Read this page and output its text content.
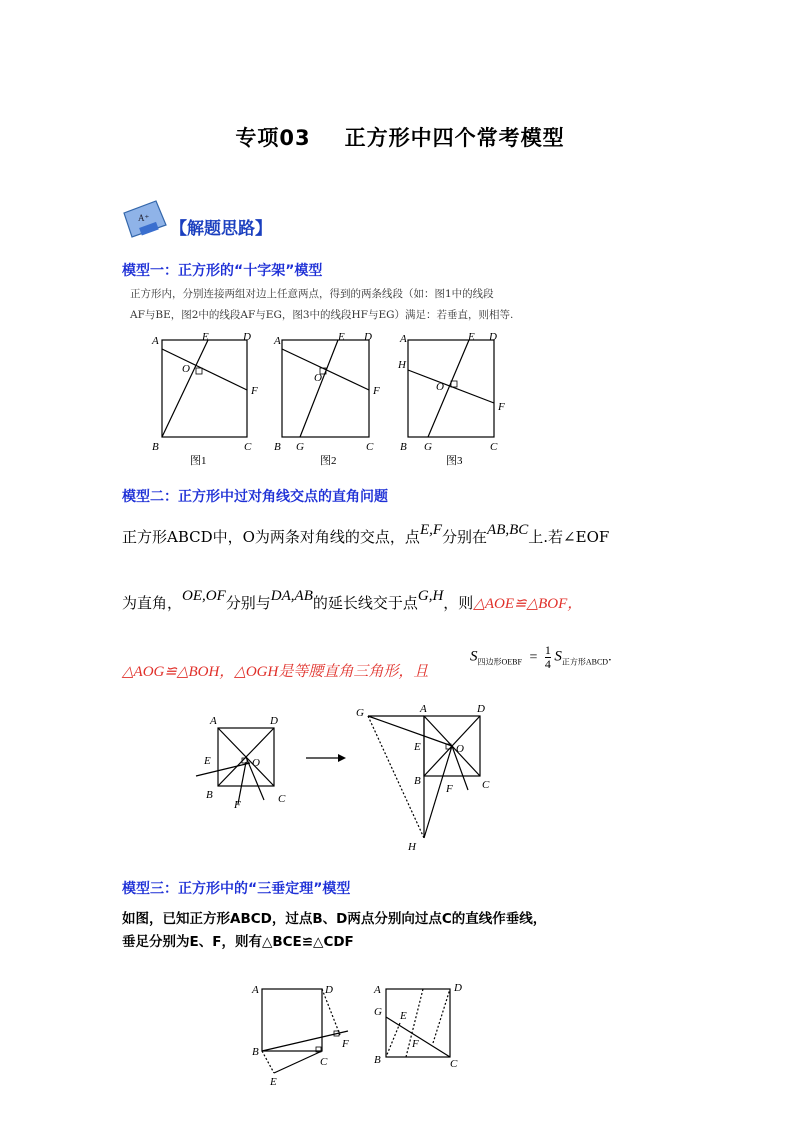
专项03 正方形中四个常考模型
A⁺
【解题思路】
模型一：正方形的“十字架”模型
正方形内，分别连接两组对边上任意两点，得到的两条线段（如：图1中的线段
AF与BE，图2中的线段AF与EG，图3中的线段HF与EG）满足：若垂直，则相等.
A	E	D
O
F
B	C
图1
A	E D
O
F
B G	C
图2
A	E D
H
O
F
B G	C
图3
模型二：正方形中过对角线交点的直角问题
正方形ABCD中，O为两条对角线的交点，点E,F分别在AB,BC上.若∠EOF
为直角，OE,OF分别与DA,AB的延长线交于点G,H，则△AOE≌△BOF，
△AOG≌△BOH，△OGH是等腰直角三角形，且
$S_{四边形OEBF} = \frac{1}{4} S_{正方形ABCD}$.
A	D
E	O
B
F	C
G	A	D
E	O
B
F	C
H
模型三：正方形中的“三垂定理”模型
如图，已知正方形ABCD，过点B、D两点分别向过点C的直线作垂线，
垂足分别为E、F，则有△BCE≌△CDF
A	D
B
C
F
E
A	D
G E
F
B	C
